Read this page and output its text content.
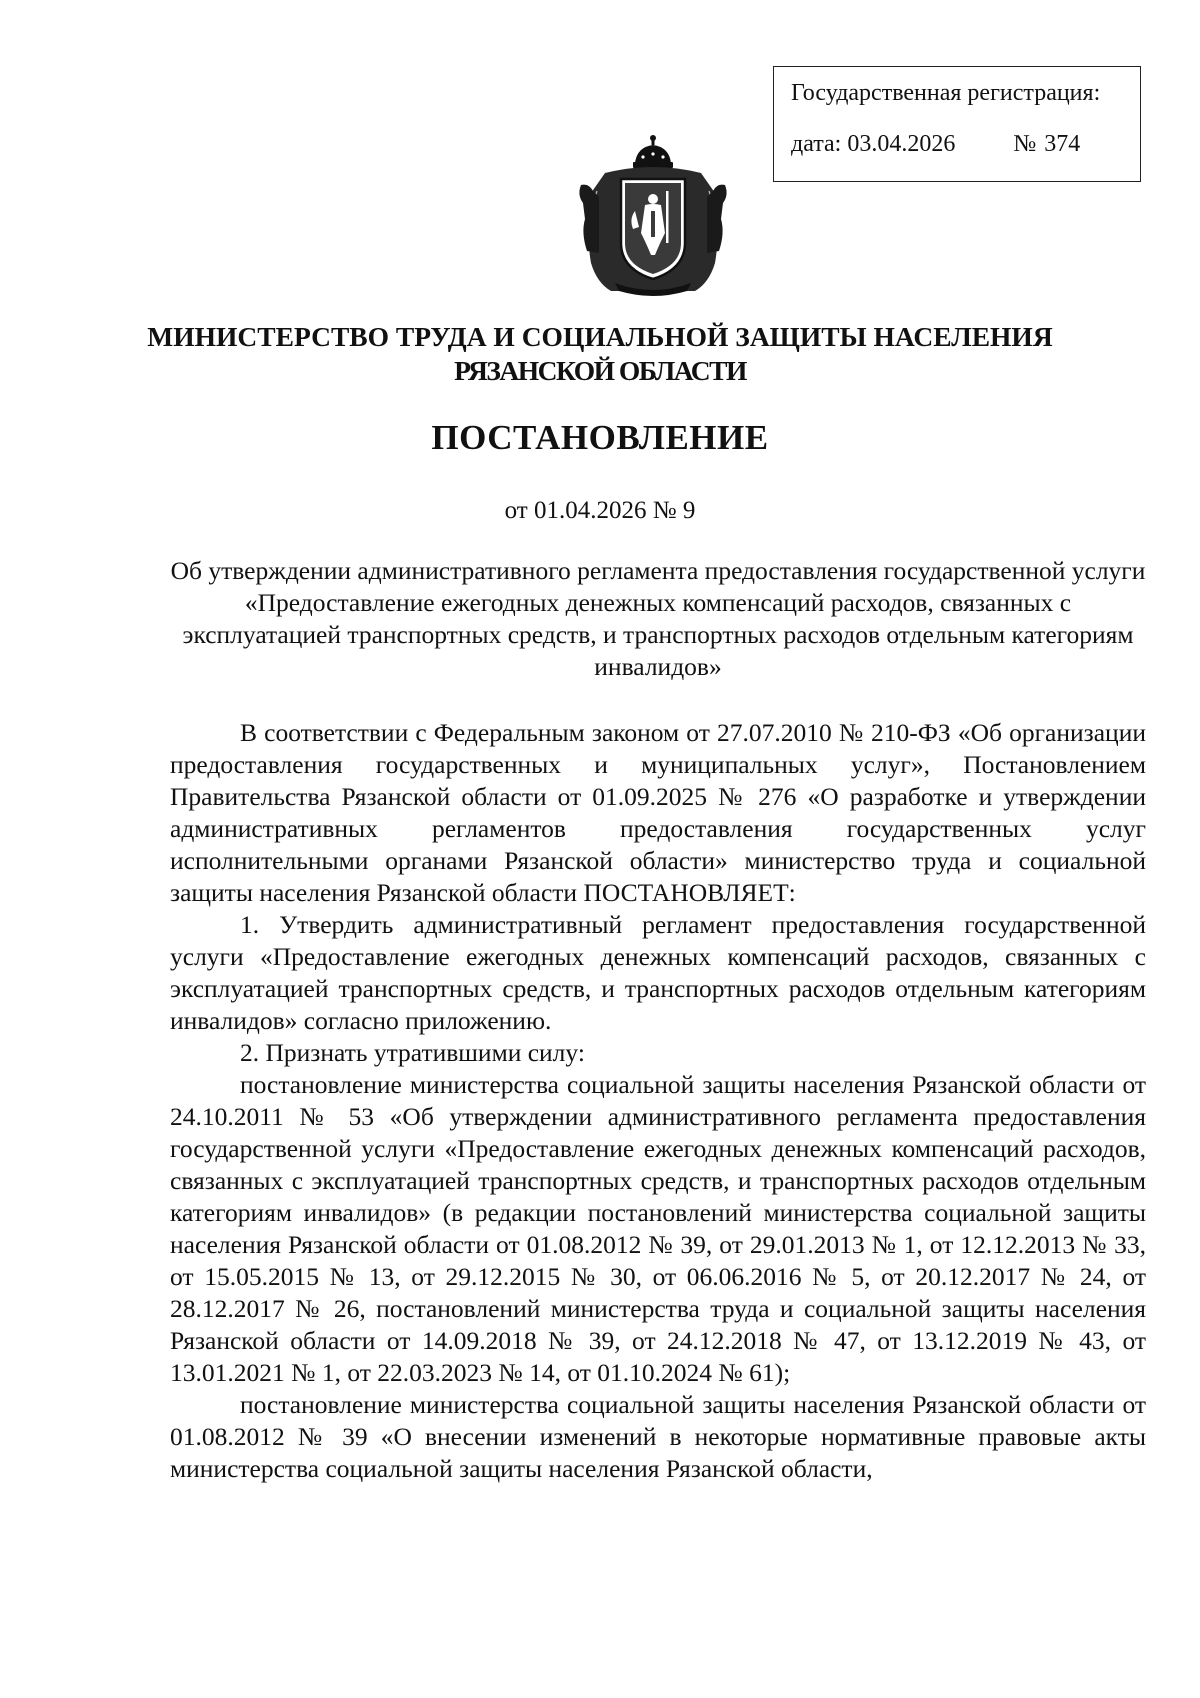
Государственная регистрация:
дата: 03.04.2026 № 374
МИНИСТЕРСТВО ТРУДА И СОЦИАЛЬНОЙ ЗАЩИТЫ НАСЕЛЕНИЯ
РЯЗАНСКОЙ ОБЛАСТИ
ПОСТАНОВЛЕНИЕ
от 01.04.2026 № 9
Об утверждении административного регламента предоставления государственной услуги «Предоставление ежегодных денежных компенсаций расходов, связанных с эксплуатацией транспортных средств, и транспортных расходов отдельным категориям инвалидов»

В соответствии с Федеральным законом от 27.07.2010 № 210-ФЗ «Об организации предоставления государственных и муниципальных услуг», Постановлением Правительства Рязанской области от 01.09.2025 № 276 «О разработке и утверждении административных регламентов предоставления государственных услуг исполнительными органами Рязанской области» министерство труда и социальной защиты населения Рязанской области ПОСТАНОВЛЯЕТ:

1. Утвердить административный регламент предоставления государственной услуги «Предоставление ежегодных денежных компенсаций расходов, связанных с эксплуатацией транспортных средств, и транспортных расходов отдельным категориям инвалидов» согласно приложению.

2. Признать утратившими силу:

постановление министерства социальной защиты населения Рязанской области от 24.10.2011 № 53 «Об утверждении административного регламента предоставления государственной услуги «Предоставление ежегодных денежных компенсаций расходов, связанных с эксплуатацией транспортных средств, и транспортных расходов отдельным категориям инвалидов» (в редакции постановлений министерства социальной защиты населения Рязанской области от 01.08.2012 № 39, от 29.01.2013 № 1, от 12.12.2013 № 33, от 15.05.2015 № 13, от 29.12.2015 № 30, от 06.06.2016 № 5, от 20.12.2017 № 24, от 28.12.2017 № 26, постановлений министерства труда и социальной защиты населения Рязанской области от 14.09.2018 № 39, от 24.12.2018 № 47, от 13.12.2019 № 43, от 13.01.2021 № 1, от 22.03.2023 № 14, от 01.10.2024 № 61);

постановление министерства социальной защиты населения Рязанской области от 01.08.2012 № 39 «О внесении изменений в некоторые нормативные правовые акты министерства социальной защиты населения Рязанской области,
